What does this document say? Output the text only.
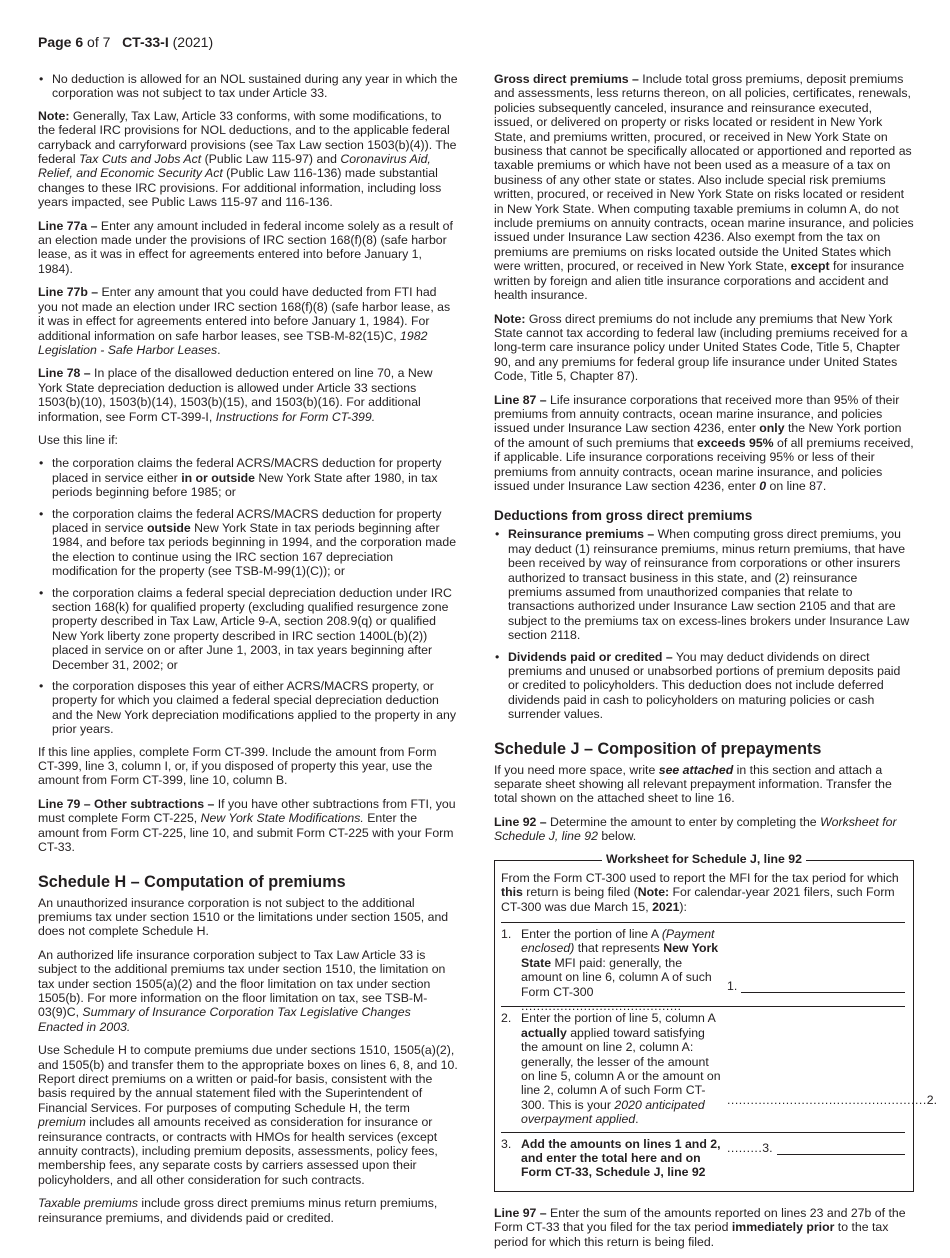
Page 6 of 7 CT-33-I (2021)
• No deduction is allowed for an NOL sustained during any year in which the corporation was not subject to tax under Article 33.

Note: Generally, Tax Law, Article 33 conforms, with some modifications, to the federal IRC provisions for NOL deductions, and to the applicable federal carryback and carryforward provisions (see Tax Law section 1503(b)(4)). The federal Tax Cuts and Jobs Act (Public Law 115-97) and Coronavirus Aid, Relief, and Economic Security Act (Public Law 116-136) made substantial changes to these IRC provisions. For additional information, including loss years impacted, see Public Laws 115-97 and 116-136.

Line 77a – Enter any amount included in federal income solely as a result of an election made under the provisions of IRC section 168(f)(8) (safe harbor lease, as it was in effect for agreements entered into before January 1, 1984).

Line 77b – Enter any amount that you could have deducted from FTI had you not made an election under IRC section 168(f)(8) (safe harbor lease, as it was in effect for agreements entered into before January 1, 1984). For additional information on safe harbor leases, see TSB-M-82(15)C, 1982 Legislation - Safe Harbor Leases.

Line 78 – In place of the disallowed deduction entered on line 70, a New York State depreciation deduction is allowed under Article 33 sections 1503(b)(10), 1503(b)(14), 1503(b)(15), and 1503(b)(16). For additional information, see Form CT-399-I, Instructions for Form CT-399.

Use this line if:

• the corporation claims the federal ACRS/MACRS deduction for property placed in service either in or outside New York State after 1980, in tax periods beginning before 1985; or
• the corporation claims the federal ACRS/MACRS deduction for property placed in service outside New York State in tax periods beginning after 1984, and before tax periods beginning in 1994, and the corporation made the election to continue using the IRC section 167 depreciation modification for the property (see TSB-M-99(1)(C)); or
• the corporation claims a federal special depreciation deduction under IRC section 168(k) for qualified property (excluding qualified resurgence zone property described in Tax Law, Article 9-A, section 208.9(q) or qualified New York liberty zone property described in IRC section 1400L(b)(2)) placed in service on or after June 1, 2003, in tax years beginning after December 31, 2002; or
• the corporation disposes this year of either ACRS/MACRS property, or property for which you claimed a federal special depreciation deduction and the New York depreciation modifications applied to the property in any prior years.

If this line applies, complete Form CT-399. Include the amount from Form CT-399, line 3, column I, or, if you disposed of property this year, use the amount from Form CT-399, line 10, column B.

Line 79 – Other subtractions – If you have other subtractions from FTI, you must complete Form CT-225, New York State Modifications. Enter the amount from Form CT-225, line 10, and submit Form CT-225 with your Form CT-33.

Schedule H – Computation of premiums

An unauthorized insurance corporation is not subject to the additional premiums tax under section 1510 or the limitations under section 1505, and does not complete Schedule H.

An authorized life insurance corporation subject to Tax Law Article 33 is subject to the additional premiums tax under section 1510, the limitation on tax under section 1505(a)(2) and the floor limitation on tax under section 1505(b). For more information on the floor limitation on tax, see TSB-M-03(9)C, Summary of Insurance Corporation Tax Legislative Changes Enacted in 2003.

Use Schedule H to compute premiums due under sections 1510, 1505(a)(2), and 1505(b) and transfer them to the appropriate boxes on lines 6, 8, and 10. Report direct premiums on a written or paid-for basis, consistent with the basis required by the annual statement filed with the Superintendent of Financial Services. For purposes of computing Schedule H, the term premium includes all amounts received as consideration for insurance or reinsurance contracts, or contracts with HMOs for health services (except annuity contracts), including premium deposits, assessments, policy fees, membership fees, any separate costs by carriers assessed upon their policyholders, and all other consideration for such contracts.

Taxable premiums include gross direct premiums minus return premiums, reinsurance premiums, and dividends paid or credited.

Gross direct premiums – Include total gross premiums, deposit premiums and assessments, less returns thereon, on all policies, certificates, renewals, policies subsequently canceled, insurance and reinsurance executed, issued, or delivered on property or risks located or resident in New York State, and premiums written, procured, or received in New York State on business that cannot be specifically allocated or apportioned and reported as taxable premiums or which have not been used as a measure of a tax on business of any other state or states. Also include special risk premiums written, procured, or received in New York State on risks located or resident in New York State. When computing taxable premiums in column A, do not include premiums on annuity contracts, ocean marine insurance, and policies issued under Insurance Law section 4236. Also exempt from the tax on premiums are premiums on risks located outside the United States which were written, procured, or received in New York State, except for insurance written by foreign and alien title insurance corporations and accident and health insurance.

Note: Gross direct premiums do not include any premiums that New York State cannot tax according to federal law (including premiums received for a long-term care insurance policy under United States Code, Title 5, Chapter 90, and any premiums for federal group life insurance under United States Code, Title 5, Chapter 87).

Line 87 – Life insurance corporations that received more than 95% of their premiums from annuity contracts, ocean marine insurance, and policies issued under Insurance Law section 4236, enter only the New York portion of the amount of such premiums that exceeds 95% of all premiums received, if applicable. Life insurance corporations receiving 95% or less of their premiums from annuity contracts, ocean marine insurance, and policies issued under Insurance Law section 4236, enter 0 on line 87.

Deductions from gross direct premiums
• Reinsurance premiums – When computing gross direct premiums, you may deduct (1) reinsurance premiums, minus return premiums, that have been received by way of reinsurance from corporations or other insurers authorized to transact business in this state, and (2) reinsurance premiums assumed from unauthorized companies that relate to transactions authorized under Insurance Law section 2105 and that are subject to the premiums tax on excess-lines brokers under Insurance Law section 2118.
• Dividends paid or credited – You may deduct dividends on direct premiums and unused or unabsorbed portions of premium deposits paid or credited to policyholders. This deduction does not include deferred dividends paid in cash to policyholders on maturing policies or cash surrender values.
Schedule J – Composition of prepayments

If you need more space, write see attached in this section and attach a separate sheet showing all relevant prepayment information. Transfer the total shown on the attached sheet to line 16.

Line 92 – Determine the amount to enter by completing the Worksheet for Schedule J, line 92 below.

Worksheet for Schedule J, line 92
From the Form CT-300 used to report the MFI for the tax period for which this return is being filed (Note: For calendar-year 2021 filers, such Form CT-300 was due March 15, 2021):
1. Enter the portion of line A (Payment enclosed) that represents New York State MFI paid: generally, the amount on line 6, column A of such Form CT-300 .........................................
2. Enter the portion of line 5, column A actually applied toward satisfying the amount on line 2, column A: generally, the lesser of the amount on line 5, column A or the amount on line 2, column A of such Form CT-300. This is your 2020 anticipated overpayment applied.
3. Add the amounts on lines 1 and 2, and enter the total here and on Form CT-33, Schedule J, line 92
1.
................................................... 2.
......... 3.

Line 97 – Enter the sum of the amounts reported on lines 23 and 27b of the Form CT-33 that you filed for the tax period immediately prior to the tax period for which this return is being filed.
